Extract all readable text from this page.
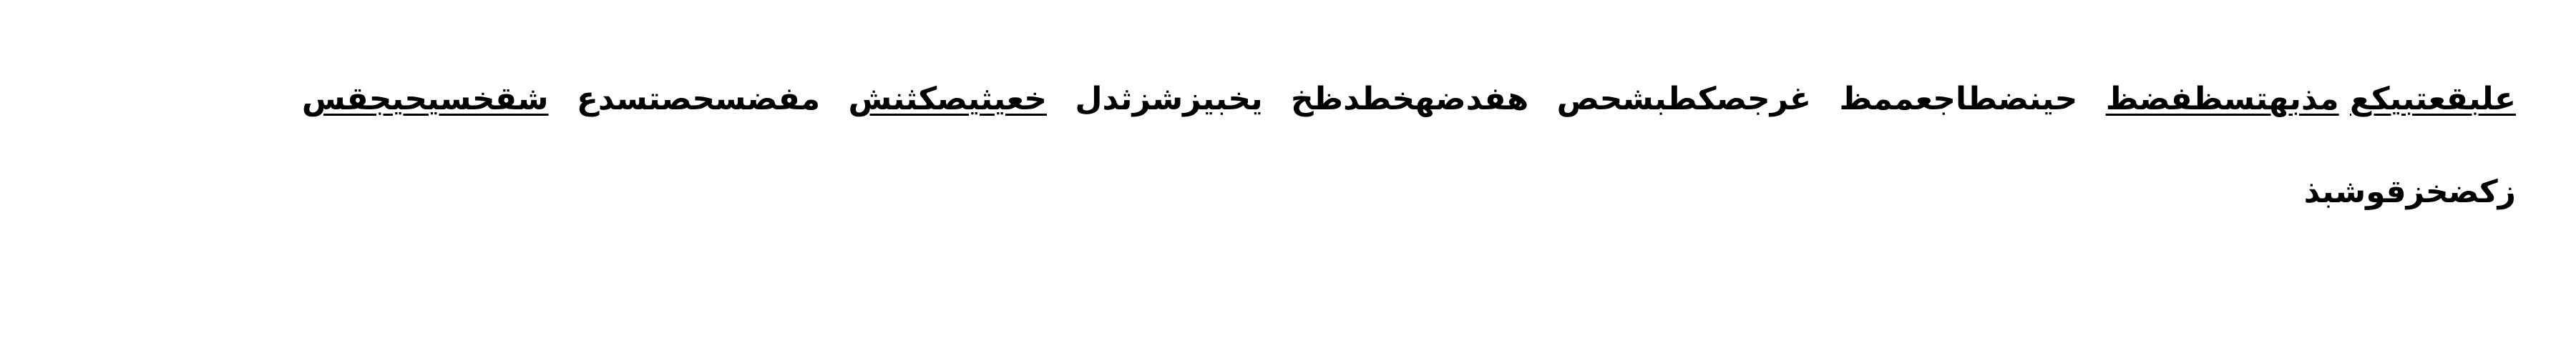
شقخسيحيجقس مفضسحصتسدع خعيثيصكثنش يخبيزشزثدل هفدضهخطدظخ غرجصكطبشحص حينضطاجعممظ مذبهتسظفضظ علبقعتبيكع
زكضخزقوشبذ
